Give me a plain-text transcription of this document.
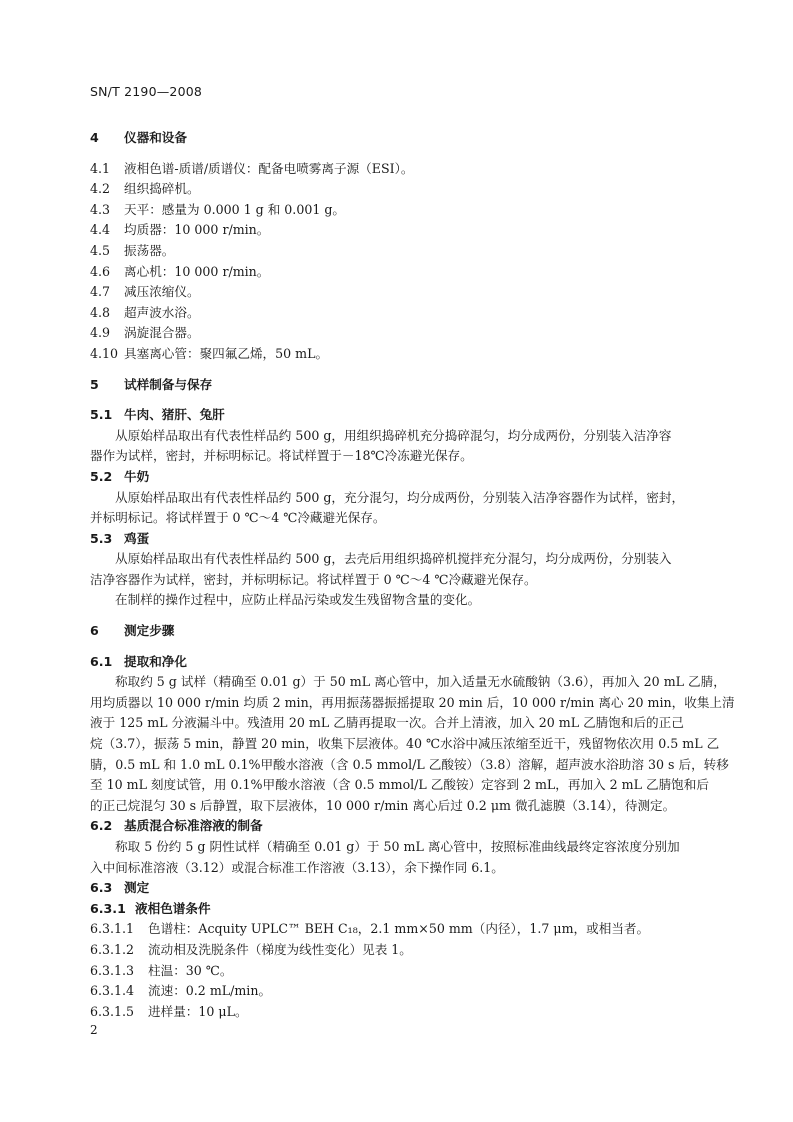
SN/T 2190—2008
4 仪器和设备
4.1 液相色谱-质谱/质谱仪：配备电喷雾离子源（ESI）。
4.2 组织捣碎机。
4.3 天平：感量为 0.000 1 g 和 0.001 g。
4.4 均质器：10 000 r/min。
4.5 振荡器。
4.6 离心机：10 000 r/min。
4.7 减压浓缩仪。
4.8 超声波水浴。
4.9 涡旋混合器。
4.10 具塞离心管：聚四氟乙烯，50 mL。
5 试样制备与保存
5.1 牛肉、猪肝、兔肝
从原始样品取出有代表性样品约 500 g，用组织捣碎机充分捣碎混匀，均分成两份，分别装入洁净容
器作为试样，密封，并标明标记。将试样置于－18℃冷冻避光保存。
5.2 牛奶
从原始样品取出有代表性样品约 500 g，充分混匀，均分成两份，分别装入洁净容器作为试样，密封，
并标明标记。将试样置于 0 ℃～4 ℃冷藏避光保存。
5.3 鸡蛋
从原始样品取出有代表性样品约 500 g，去壳后用组织捣碎机搅拌充分混匀，均分成两份，分别装入
洁净容器作为试样，密封，并标明标记。将试样置于 0 ℃～4 ℃冷藏避光保存。
在制样的操作过程中，应防止样品污染或发生残留物含量的变化。
6 测定步骤
6.1 提取和净化
称取约 5 g 试样（精确至 0.01 g）于 50 mL 离心管中，加入适量无水硫酸钠（3.6），再加入 20 mL 乙腈，
用均质器以 10 000 r/min 均质 2 min，再用振荡器振摇提取 20 min 后，10 000 r/min 离心 20 min，收集上清
液于 125 mL 分液漏斗中。残渣用 20 mL 乙腈再提取一次。合并上清液，加入 20 mL 乙腈饱和后的正己
烷（3.7），振荡 5 min，静置 20 min，收集下层液体。40 ℃水浴中减压浓缩至近干，残留物依次用 0.5 mL 乙
腈，0.5 mL 和 1.0 mL 0.1%甲酸水溶液（含 0.5 mmol/L 乙酸铵）（3.8）溶解，超声波水浴助溶 30 s 后，转移
至 10 mL 刻度试管，用 0.1%甲酸水溶液（含 0.5 mmol/L 乙酸铵）定容到 2 mL，再加入 2 mL 乙腈饱和后
的正己烷混匀 30 s 后静置，取下层液体，10 000 r/min 离心后过 0.2 μm 微孔滤膜（3.14），待测定。
6.2 基质混合标准溶液的制备
称取 5 份约 5 g 阴性试样（精确至 0.01 g）于 50 mL 离心管中，按照标准曲线最终定容浓度分别加
入中间标准溶液（3.12）或混合标准工作溶液（3.13），余下操作同 6.1。
6.3 测定
6.3.1 液相色谱条件
6.3.1.1 色谱柱：Acquity UPLC™ BEH C₁₈，2.1 mm×50 mm（内径），1.7 μm，或相当者。
6.3.1.2 流动相及洗脱条件（梯度为线性变化）见表 1。
6.3.1.3 柱温：30 ℃。
6.3.1.4 流速：0.2 mL/min。
6.3.1.5 进样量：10 μL。
2
